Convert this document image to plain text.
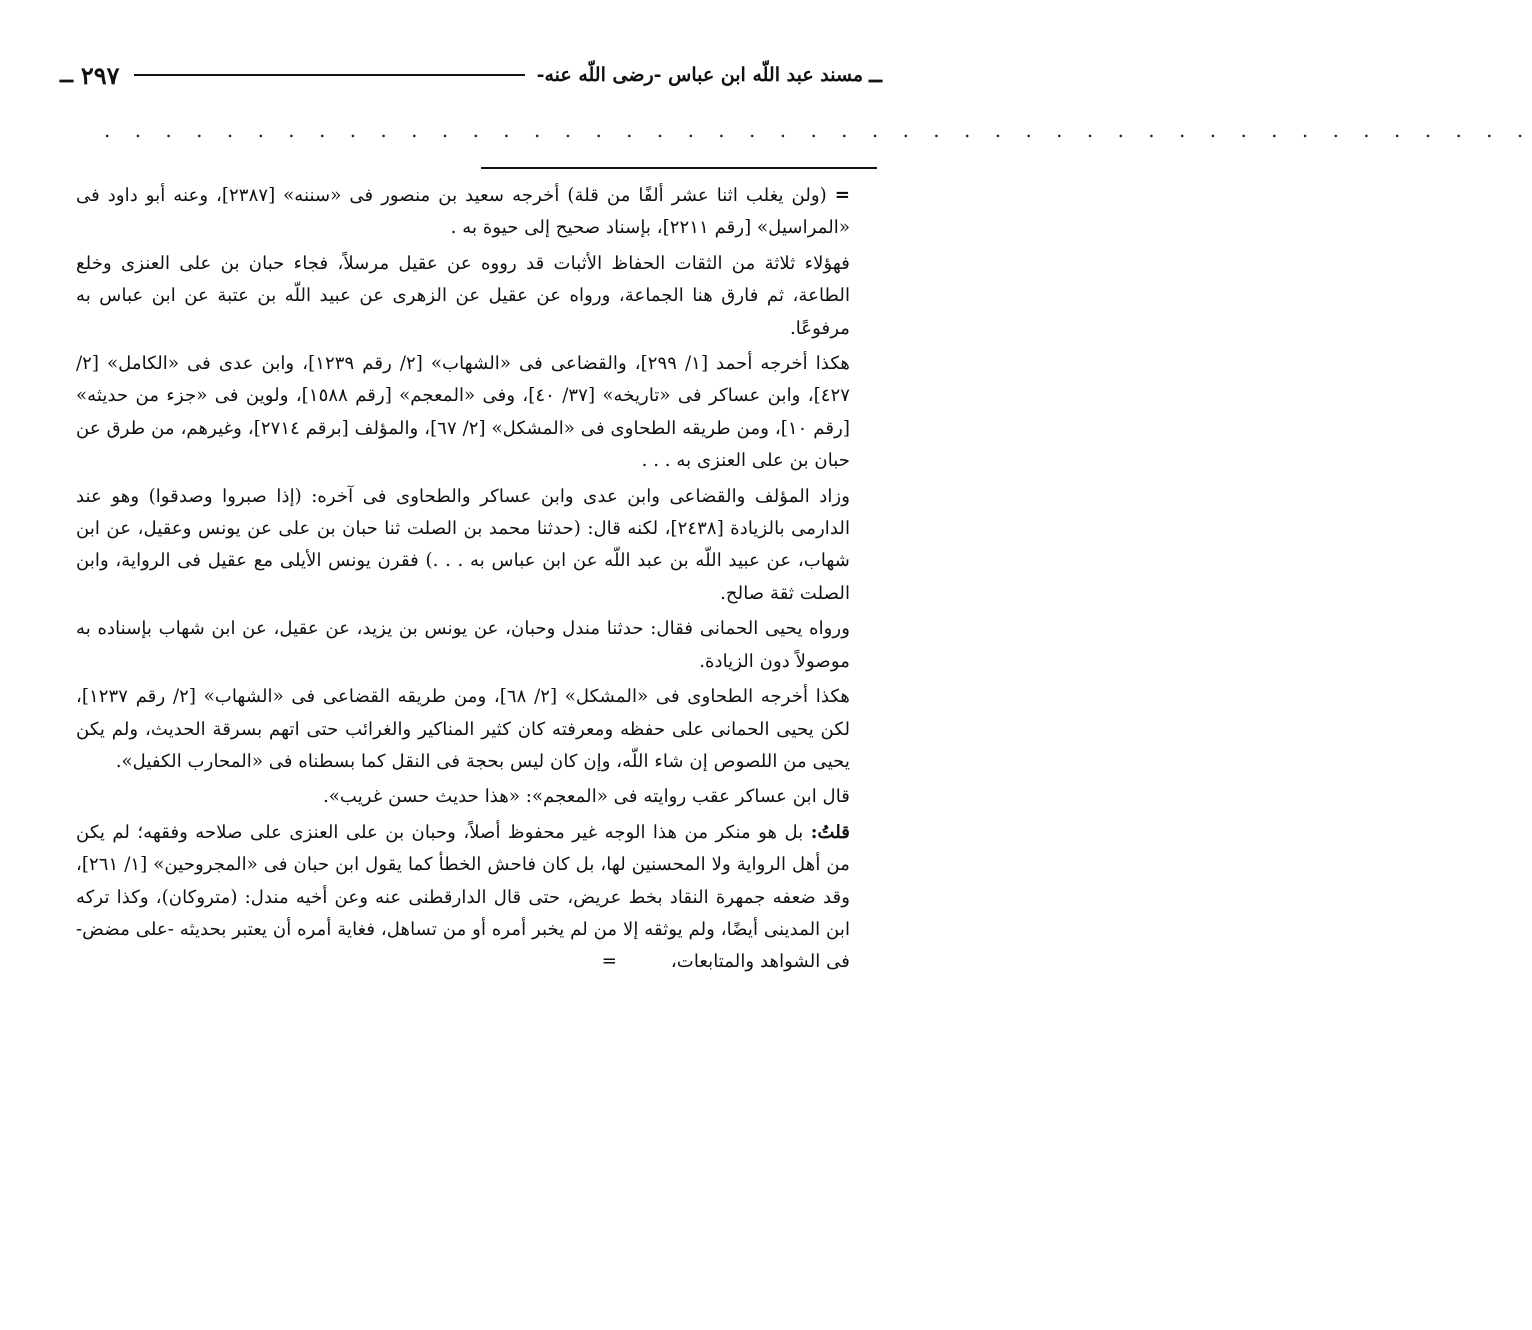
ــ
مسند عبد اللّه ابن عباس -رضى اللّه عنه-
٢٩٧
ــ
. . . . . . . . . . . . . . . . . . . . . . . . . . . . . . . . . . . . . . . . . . . . . . .

=(ولن يغلب اثنا عشر ألفًا من قلة) أخرجه سعيد بن منصور فى «سننه» [٢٣٨٧]، وعنه أبو داود فى «المراسيل» [رقم ٢٢١١]، بإسناد صحيح إلى حيوة به .

فهؤلاء ثلاثة من الثقات الحفاظ الأثبات قد رووه عن عقيل مرسلاً، فجاء حبان بن على العنزى وخلع الطاعة، ثم فارق هنا الجماعة، ورواه عن عقيل عن الزهرى عن عبيد اللّه بن عتبة عن ابن عباس به مرفوعًا.

هكذا أخرجه أحمد [١/ ٢٩٩]، والقضاعى فى «الشهاب» [٢/ رقم ١٢٣٩]، وابن عدى فى «الكامل» [٢/ ٤٢٧]، وابن عساكر فى «تاريخه» [٣٧/ ٤٠]، وفى «المعجم» [رقم ١٥٨٨]، ولوين فى «جزء من حديثه» [رقم ١٠]، ومن طريقه الطحاوى فى «المشكل» [٢/ ٦٧]، والمؤلف [برقم ٢٧١٤]، وغيرهم، من طرق عن حبان بن على العنزى به . . .

وزاد المؤلف والقضاعى وابن عدى وابن عساكر والطحاوى فى آخره: (إذا صبروا وصدقوا) وهو عند الدارمى بالزيادة [٢٤٣٨]، لكنه قال: (حدثنا محمد بن الصلت ثنا حبان بن على عن يونس وعقيل، عن ابن شهاب، عن عبيد اللّه بن عبد اللّه عن ابن عباس به . . .) فقرن يونس الأيلى مع عقيل فى الرواية، وابن الصلت ثقة صالح.

ورواه يحيى الحمانى فقال: حدثنا مندل وحبان، عن يونس بن يزيد، عن عقيل، عن ابن شهاب بإسناده به موصولاً دون الزيادة.

هكذا أخرجه الطحاوى فى «المشكل» [٢/ ٦٨]، ومن طريقه القضاعى فى «الشهاب» [٢/ رقم ١٢٣٧]، لكن يحيى الحمانى على حفظه ومعرفته كان كثير المناكير والغرائب حتى اتهم بسرقة الحديث، ولم يكن يحيى من اللصوص إن شاء اللّه، وإن كان ليس بحجة فى النقل كما بسطناه فى «المحارب الكفيل».

قال ابن عساكر عقب روايته فى «المعجم»: «هذا حديث حسن غريب».

قلتُ: بل هو منكر من هذا الوجه غير محفوظ أصلاً، وحبان بن على العنزى على صلاحه وفقهه؛ لم يكن من أهل الرواية ولا المحسنين لها، بل كان فاحش الخطأ كما يقول ابن حبان فى «المجروحين» [١/ ٢٦١]، وقد ضعفه جمهرة النقاد بخط عريض، حتى قال الدارقطنى عنه وعن أخيه مندل: (متروكان)، وكذا تركه ابن المدينى أيضًا، ولم يوثقه إلا من لم يخبر أمره أو من تساهل، فغاية أمره أن يعتبر بحديثه -على مضض- فى الشواهد والمتابعات،=
